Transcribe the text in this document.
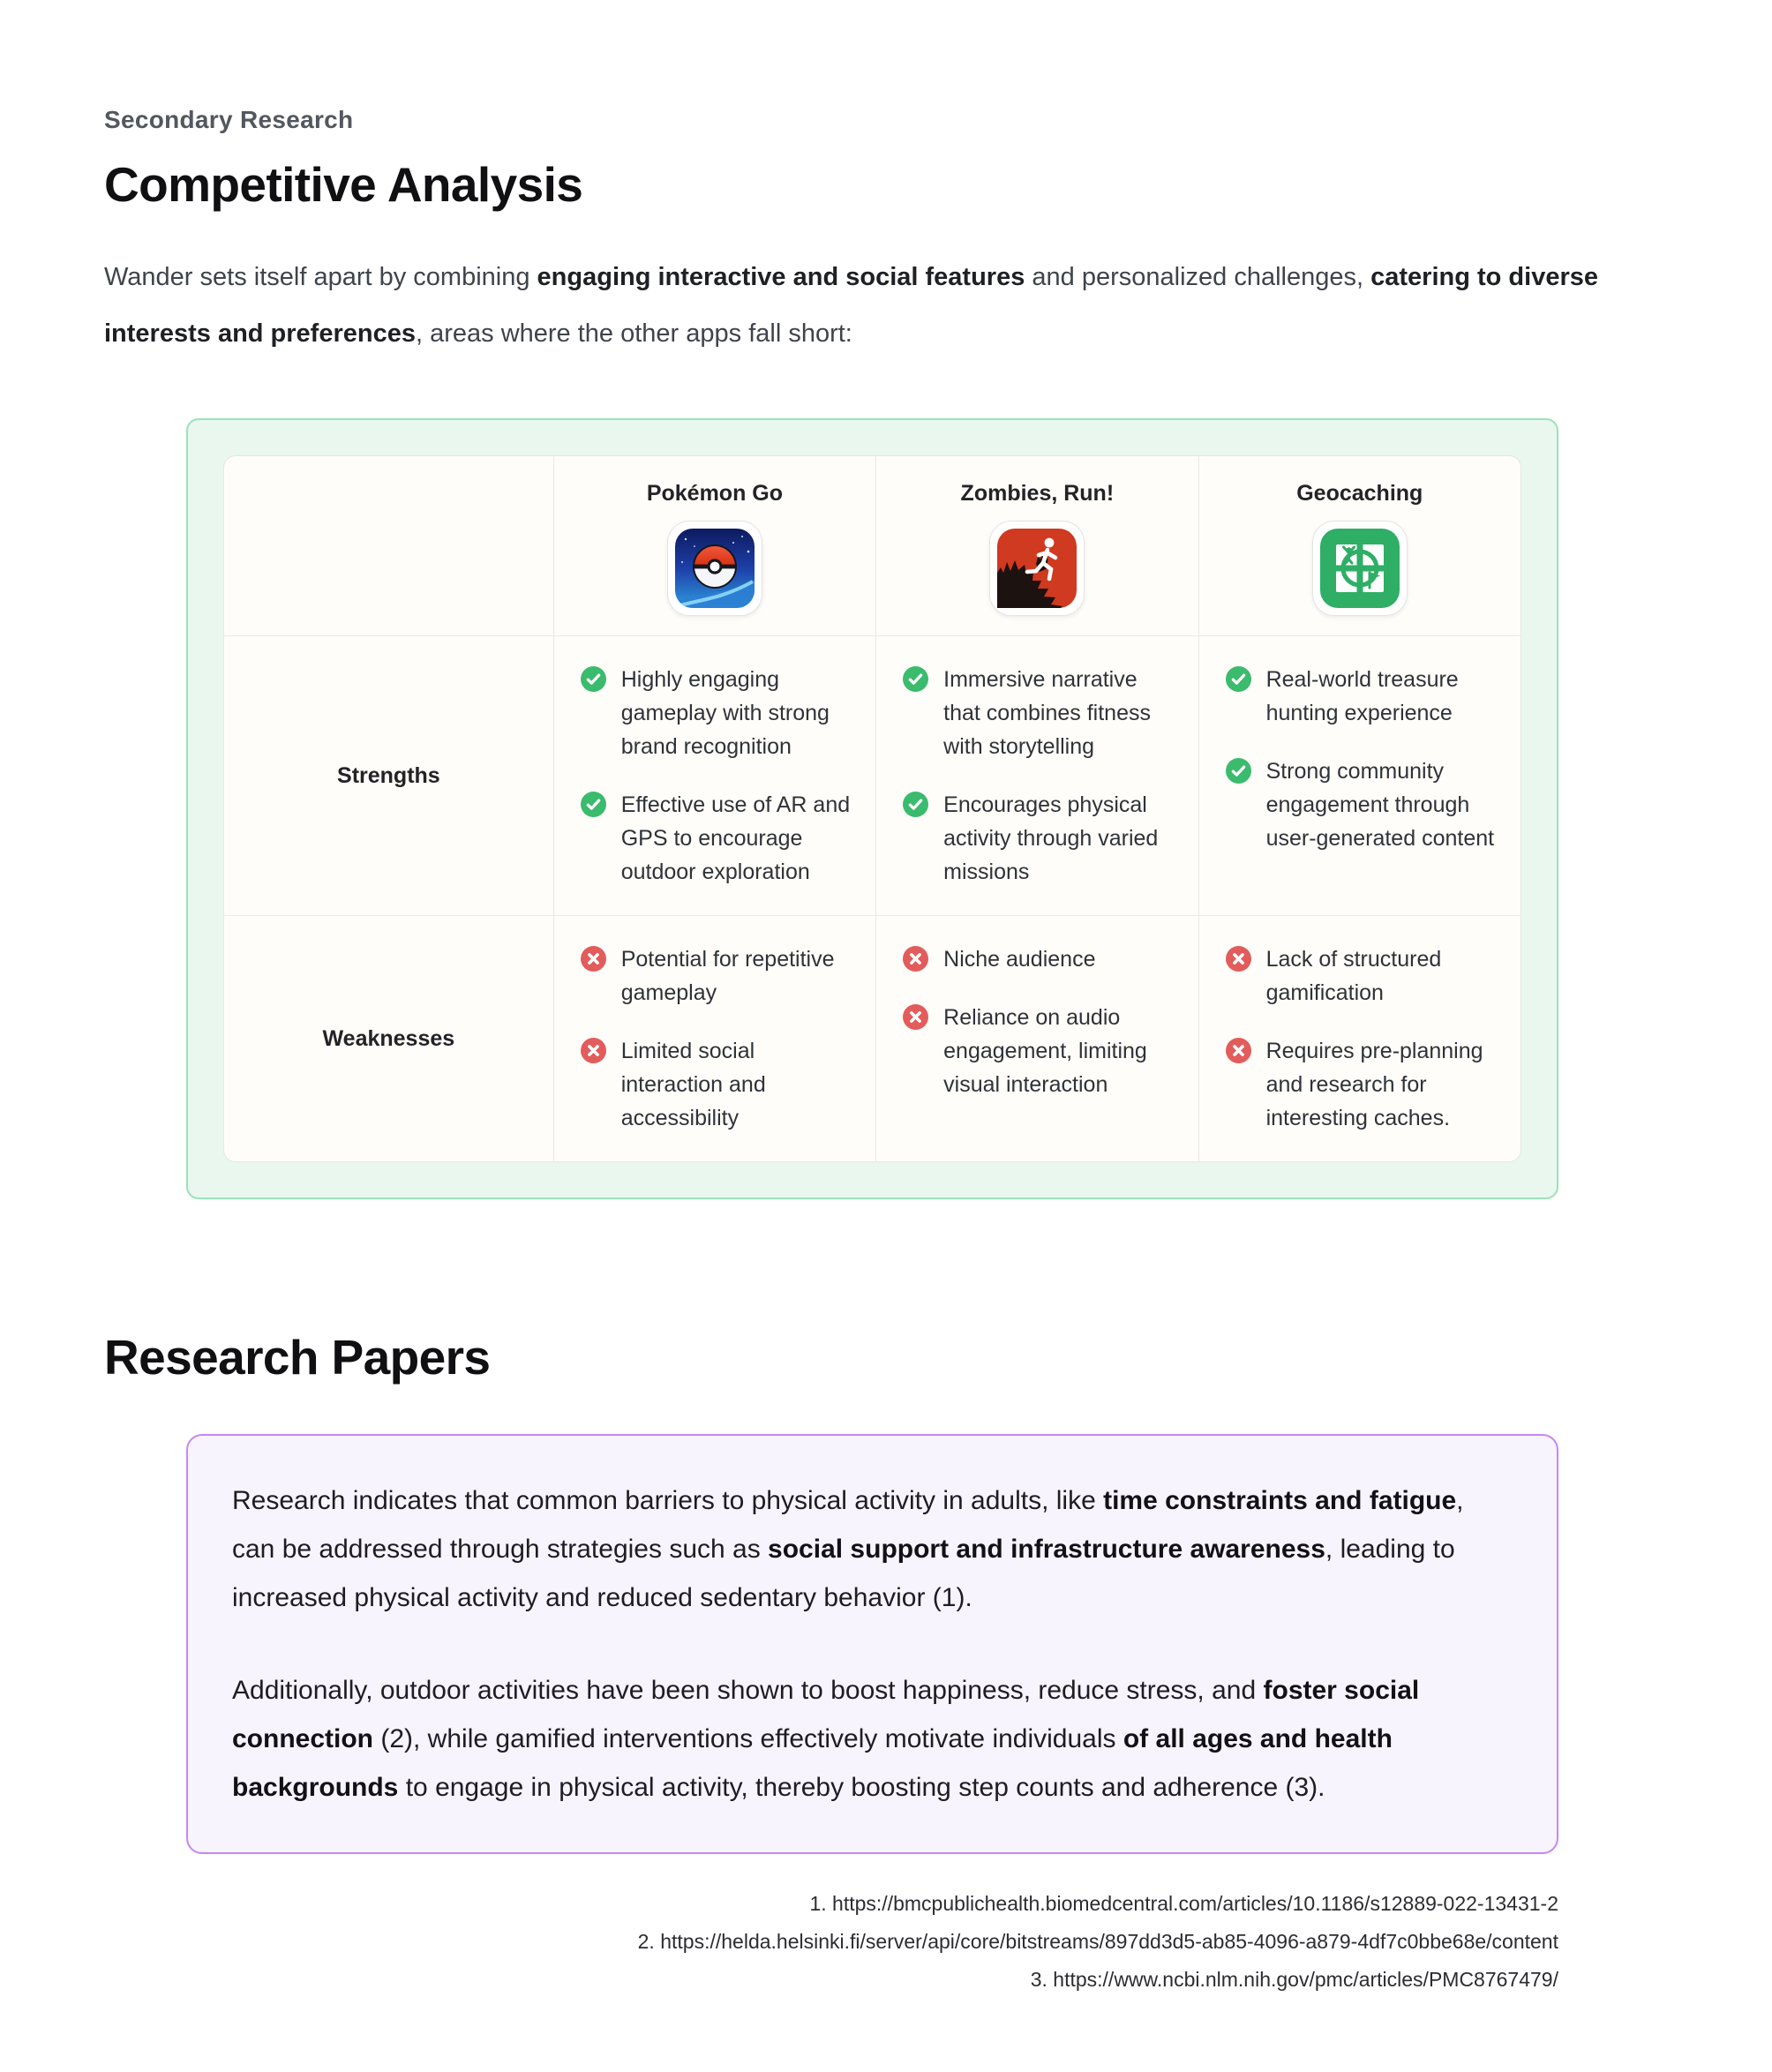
Secondary Research
Competitive Analysis

Wander sets itself apart by combining engaging interactive and social features and personalized challenges, catering to diverse interests and preferences, areas where the other apps fall short:

Pokémon Go	Zombies, Run!	Geocaching
Strengths
Highly engaging gameplay with strong brand recognition
Effective use of AR and GPS to encourage outdoor exploration
Immersive narrative that combines fitness with storytelling
Encourages physical activity through varied missions
Real-world treasure hunting experience
Strong community engagement through user-generated content
Weaknesses
Potential for repetitive gameplay
Limited social interaction and accessibility
Niche audience
Reliance on audio engagement, limiting visual interaction
Lack of structured gamification
Requires pre-planning and research for interesting caches.
Research Papers

Research indicates that common barriers to physical activity in adults, like time constraints and fatigue, can be addressed through strategies such as social support and infrastructure awareness, leading to increased physical activity and reduced sedentary behavior (1).

Additionally, outdoor activities have been shown to boost happiness, reduce stress, and foster social connection (2), while gamified interventions effectively motivate individuals of all ages and health backgrounds to engage in physical activity, thereby boosting step counts and adherence (3).

1. https://bmcpublichealth.biomedcentral.com/articles/10.1186/s12889-022-13431-2
2. https://helda.helsinki.fi/server/api/core/bitstreams/897dd3d5-ab85-4096-a879-4df7c0bbe68e/content
3. https://www.ncbi.nlm.nih.gov/pmc/articles/PMC8767479/
